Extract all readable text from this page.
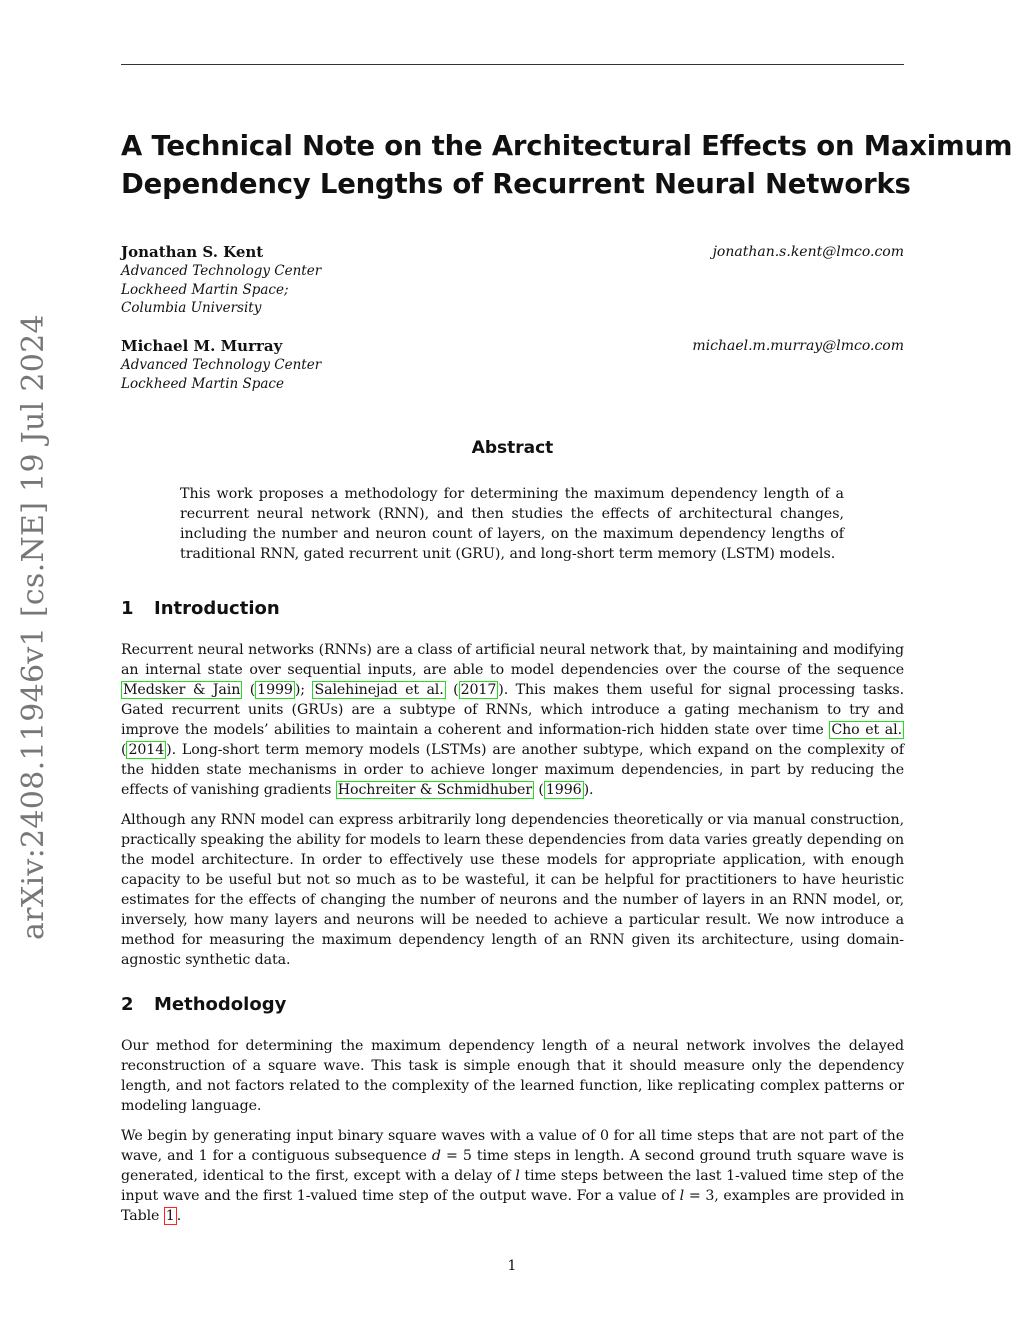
arXiv:2408.11946v1 [cs.NE] 19 Jul 2024
A Technical Note on the Architectural Effects on Maximum
Dependency Lengths of Recurrent Neural Networks
Jonathan S. Kent	jonathan.s.kent@lmco.com
Advanced Technology Center
Lockheed Martin Space;
Columbia University
Michael M. Murray	michael.m.murray@lmco.com
Advanced Technology Center
Lockheed Martin Space
Abstract
This work proposes a methodology for determining the maximum dependency length of a recurrent neural network (RNN), and then studies the effects of architectural changes, including the number and neuron count of layers, on the maximum dependency lengths of traditional RNN, gated recurrent unit (GRU), and long-short term memory (LSTM) models.
1 Introduction
Recurrent neural networks (RNNs) are a class of artificial neural network that, by maintaining and modifying an internal state over sequential inputs, are able to model dependencies over the course of the sequence Medsker & Jain ( 1999 ); Salehinejad et al. ( 2017 ). This makes them useful for signal processing tasks. Gated recurrent units (GRUs) are a subtype of RNNs, which introduce a gating mechanism to try and improve the models’ abilities to maintain a coherent and information-rich hidden state over time Cho et al. ( 2014 ). Long-short term memory models (LSTMs) are another subtype, which expand on the complexity of the hidden state mechanisms in order to achieve longer maximum dependencies, in part by reducing the effects of vanishing gradients Hochreiter & Schmidhuber ( 1996 ).
Although any RNN model can express arbitrarily long dependencies theoretically or via manual construction, practically speaking the ability for models to learn these dependencies from data varies greatly depending on the model architecture. In order to effectively use these models for appropriate application, with enough capacity to be useful but not so much as to be wasteful, it can be helpful for practitioners to have heuristic estimates for the effects of changing the number of neurons and the number of layers in an RNN model, or, inversely, how many layers and neurons will be needed to achieve a particular result. We now introduce a method for measuring the maximum dependency length of an RNN given its architecture, using domain-agnostic synthetic data.
2 Methodology
Our method for determining the maximum dependency length of a neural network involves the delayed reconstruction of a square wave. This task is simple enough that it should measure only the dependency length, and not factors related to the complexity of the learned function, like replicating complex patterns or modeling language.
We begin by generating input binary square waves with a value of 0 for all time steps that are not part of the wave, and 1 for a contiguous subsequence d = 5 time steps in length. A second ground truth square wave is generated, identical to the first, except with a delay of l time steps between the last 1-valued time step of the input wave and the first 1-valued time step of the output wave. For a value of l = 3, examples are provided in Table 1 .
1
